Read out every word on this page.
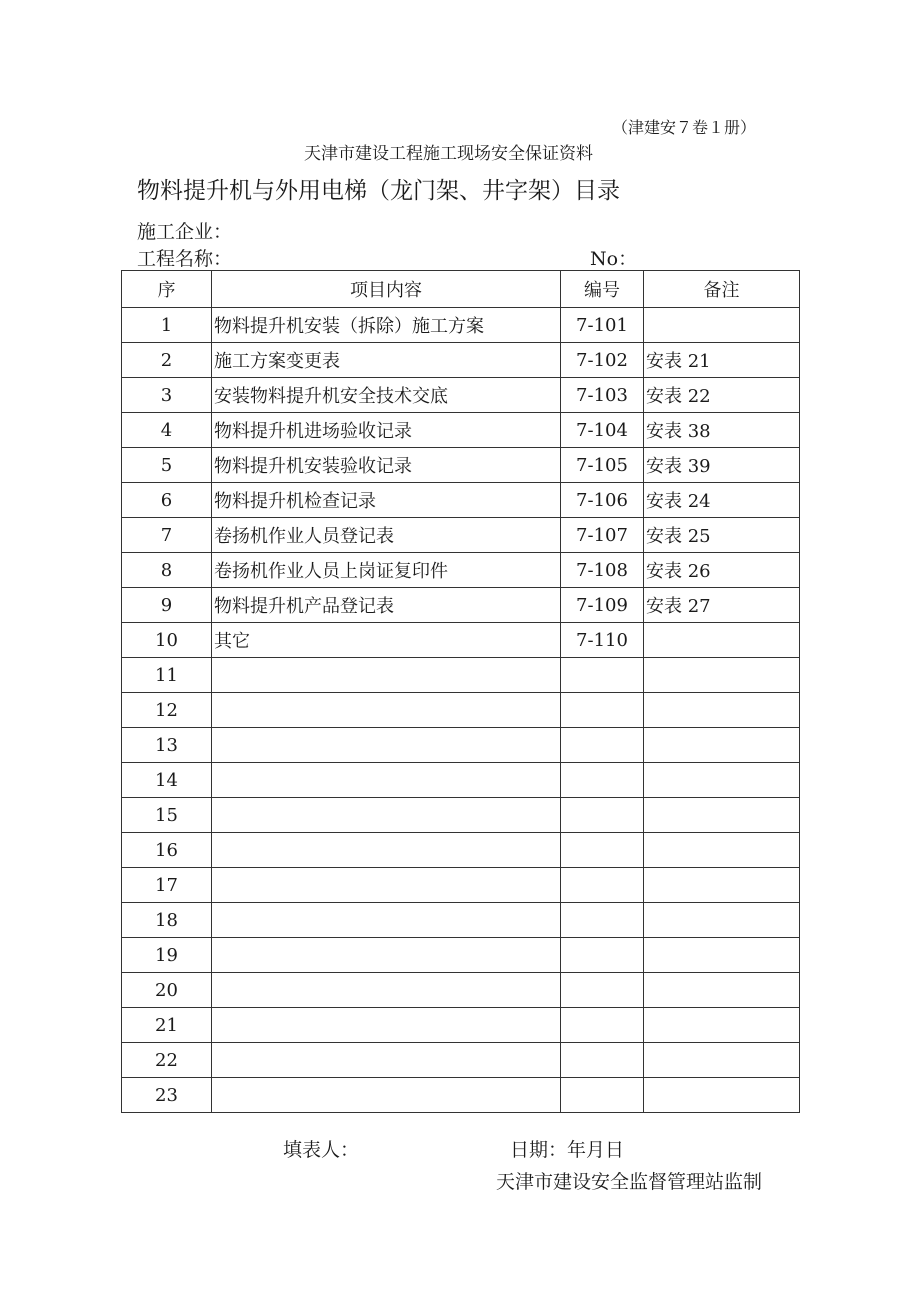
（津建安７卷１册）
天津市建设工程施工现场安全保证资料
物料提升机与外用电梯（龙门架、井字架）目录
施工企业：
工程名称：	No：
序	项目内容	编号	备注
1	物料提升机安装（拆除）施工方案	7-101	
2	施工方案变更表	7-102	安表 21
3	安装物料提升机安全技术交底	7-103	安表 22
4	物料提升机进场验收记录	7-104	安表 38
5	物料提升机安装验收记录	7-105	安表 39
6	物料提升机检查记录	7-106	安表 24
7	卷扬机作业人员登记表	7-107	安表 25
8	卷扬机作业人员上岗证复印件	7-108	安表 26
9	物料提升机产品登记表	7-109	安表 27
10	其它	7-110	
11			
12			
13			
14			
15			
16			
17			
18			
19			
20			
21			
22			
23			
填表人：	日期：年月日
天津市建设安全监督管理站监制
